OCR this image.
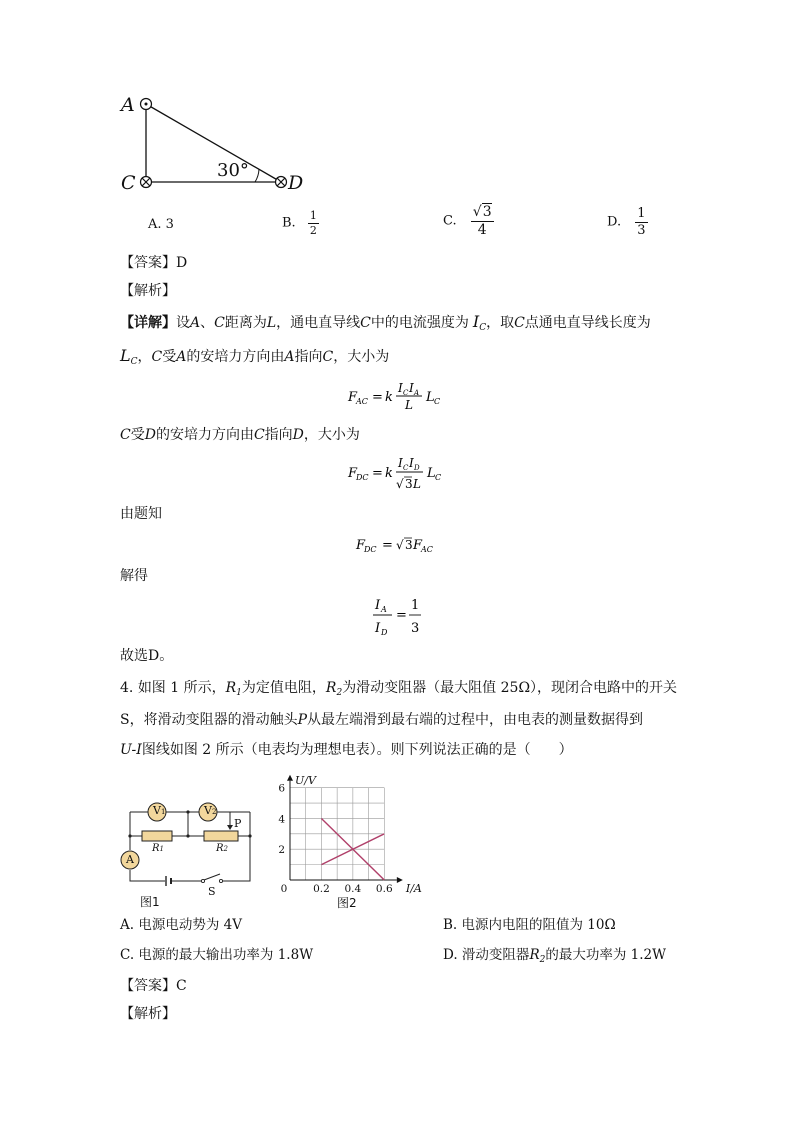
A
C	D
30°
A. 3	B. $\frac{1}{2}$	C. $\frac{√3}{4}$	D. $\frac{1}{3}$
【答案】D
【解析】
【详解】设A、C距离为L，通电直导线C中的电流强度为 $I_C$，取C点通电直导线长度为
$L_C$，C受A的安培力方向由A指向C，大小为
F
AC = k
I C I A
L L C
C受D的安培力方向由C指向D，大小为
F
DC = k
I C I D
√ 3 L
L C
由题知
F
DC = √ 3 F
AC
解得
I A
I D
=
1
3
故选D。
4. 如图 1 所示，$R_1$为定值电阻，$R_2$为滑动变阻器（最大阻值 25Ω），现闭合电路中的开关
S，将滑动变阻器的滑动触头P从最左端滑到最右端的过程中，由电表的测量数据得到
U-I图线如图 2 所示（电表均为理想电表）。则下列说法正确的是（　　）
V1	V2
A
P
R1	R2
S
图1
0 0.2 0.4 0.6
2
4
6
I/A
U/V
图2
A. 电源电动势为 4V	B. 电源内电阻的阻值为 10Ω
C. 电源的最大输出功率为 1.8W	D. 滑动变阻器$R_2$的最大功率为 1.2W
【答案】C
【解析】
